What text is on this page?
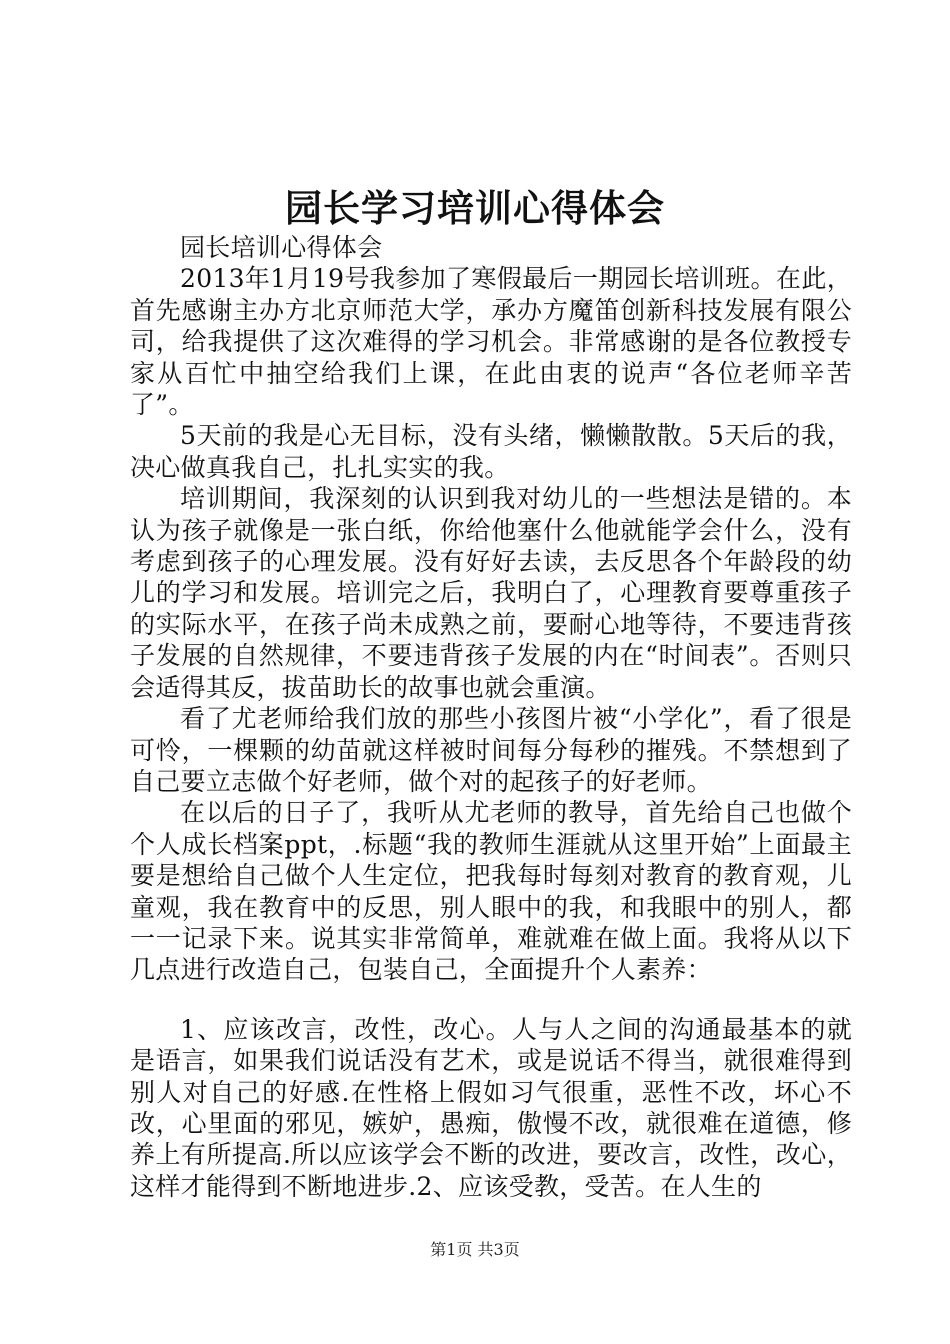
园长学习培训心得体会

园长培训心得体会

2013年1月19号我参加了寒假最后一期园长培训班。在此，首先感谢主办方北京师范大学，承办方魔笛创新科技发展有限公司，给我提供了这次难得的学习机会。非常感谢的是各位教授专家从百忙中抽空给我们上课，在此由衷的说声“各位老师辛苦了”。

5天前的我是心无目标，没有头绪，懒懒散散。5天后的我，决心做真我自己，扎扎实实的我。

培训期间，我深刻的认识到我对幼儿的一些想法是错的。本认为孩子就像是一张白纸，你给他塞什么他就能学会什么，没有考虑到孩子的心理发展。没有好好去读，去反思各个年龄段的幼儿的学习和发展。培训完之后，我明白了，心理教育要尊重孩子的实际水平，在孩子尚未成熟之前，要耐心地等待，不要违背孩子发展的自然规律，不要违背孩子发展的内在“时间表”。否则只会适得其反，拔苗助长的故事也就会重演。

看了尤老师给我们放的那些小孩图片被“小学化”，看了很是可怜，一棵颗的幼苗就这样被时间每分每秒的摧残。不禁想到了自己要立志做个好老师，做个对的起孩子的好老师。

在以后的日子了，我听从尤老师的教导，首先给自己也做个个人成长档案ppt，.标题“我的教师生涯就从这里开始”上面最主要是想给自己做个人生定位，把我每时每刻对教育的教育观，儿童观，我在教育中的反思，别人眼中的我，和我眼中的别人，都一一记录下来。说其实非常简单，难就难在做上面。我将从以下几点进行改造自己，包装自己，全面提升个人素养：

1、应该改言，改性，改心。人与人之间的沟通最基本的就是语言，如果我们说话没有艺术，或是说话不得当，就很难得到别人对自己的好感.在性格上假如习气很重，恶性不改，坏心不改，心里面的邪见，嫉妒，愚痴，傲慢不改，就很难在道德，修养上有所提高.所以应该学会不断的改进，要改言，改性，改心，这样才能得到不断地进步.2、应该受教，受苦。在人生的

第1页 共3页
